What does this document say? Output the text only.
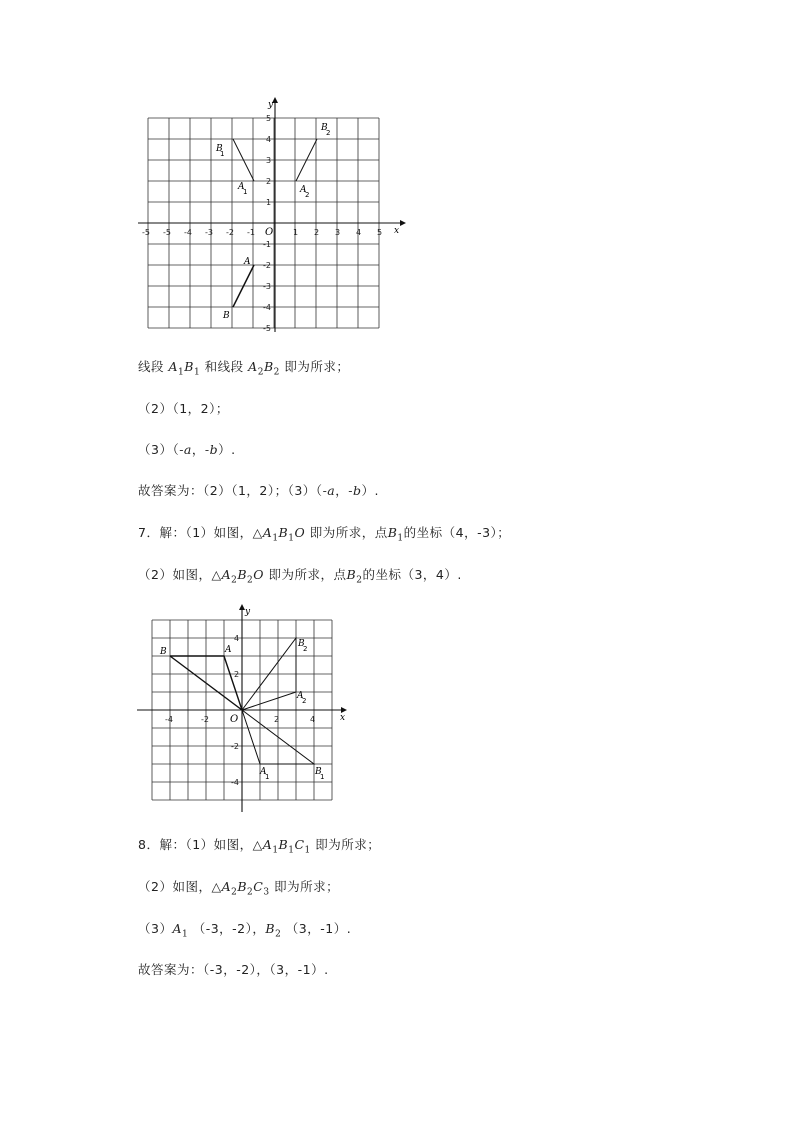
x
y
O
-5 -5 -4 -3 -2 -1	1 2 3 4 5
5
4
3
2
1
-1
-2
-3
-4
-5
B
1
A
1
B
2
A
2
A
B
线段 $A_1B_1$ 和线段 $A_2B_2$ 即为所求；
（2）（1，2）；
（3）（-a，-b）.
故答案为：（2）（1，2）；（3）（-a，-b）.
7．解：（1）如图，$\triangle A_1B_1O$ 即为所求，点$B_1$的坐标（4，-3）；
（2）如图，$\triangle A_2B_2O$ 即为所求，点$B_2$的坐标（3，4）.
x
y
O
-4	-2	2	4
4
2
-2
-4
B	A
B
2
A
2
A
1	B
1
8．解：（1）如图，$\triangle A_1B_1C_1$ 即为所求；
（2）如图，$\triangle A_2B_2C_3$ 即为所求；
$(3)A_1$ （-3，-2），$B_2$ （3，-1）.
故答案为：（-3，-2），（3，-1）.
